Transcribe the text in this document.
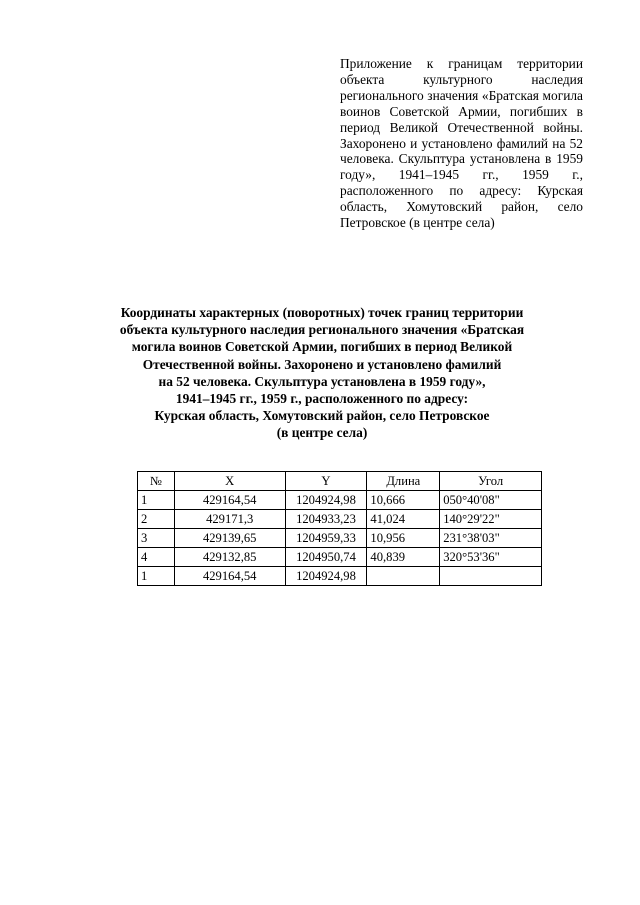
Приложение к границам территории объекта культурного наследия регионального значения «Братская могила воинов Советской Армии, погибших в период Великой Отечественной войны. Захоронено и установлено фамилий на 52 человека. Скульптура установлена в 1959 году», 1941–1945 гг., 1959 г., расположенного по адресу: Курская область, Хомутовский район, село Петровское (в центре села)
Координаты характерных (поворотных) точек границ территории
объекта культурного наследия регионального значения «Братская
могила воинов Советской Армии, погибших в период Великой
Отечественной войны. Захоронено и установлено фамилий
на 52 человека. Скульптура установлена в 1959 году»,
1941–1945 гг., 1959 г., расположенного по адресу:
Курская область, Хомутовский район, село Петровское
(в центре села)
№	X	Y	Длина	Угол
1	429164,54	1204924,98	10,666	050°40'08"
2	429171,3	1204933,23	41,024	140°29'22"
3	429139,65	1204959,33	10,956	231°38'03"
4	429132,85	1204950,74	40,839	320°53'36"
1	429164,54	1204924,98		
